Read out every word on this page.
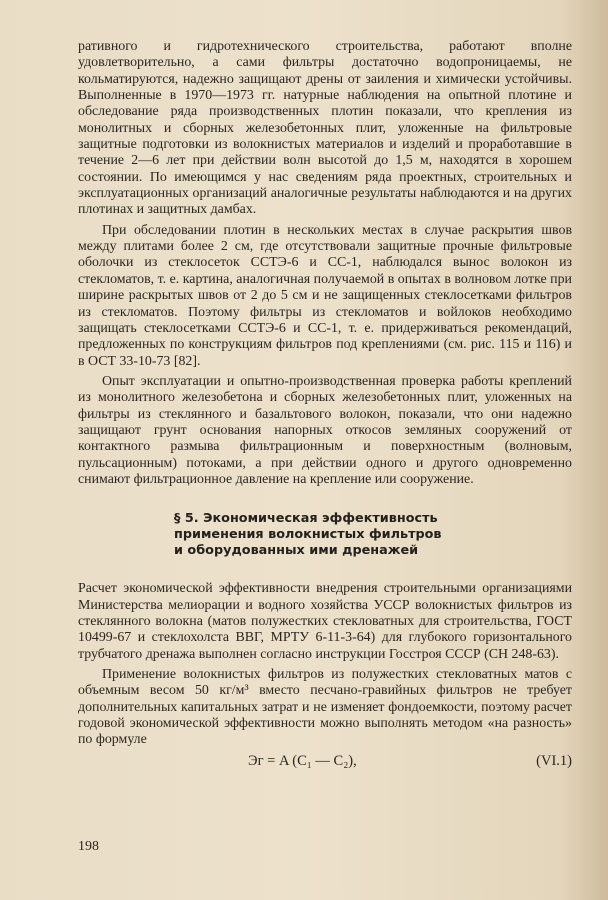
ративного и гидротехнического строительства, работают вполне удовлетворительно, а сами фильтры достаточно водопроницаемы, не кольматируются, надежно защищают дрены от заиления и химически устойчивы. Выполненные в 1970—1973 гг. натурные наблюдения на опытной плотине и обследование ряда производственных плотин показали, что крепления из монолитных и сборных железобетонных плит, уложенные на фильтровые защитные подготовки из волокнистых материалов и изделий и проработавшие в течение 2—6 лет при действии волн высотой до 1,5 м, находятся в хорошем состоянии. По имеющимся у нас сведениям ряда проектных, строительных и эксплуатационных организаций аналогичные результаты наблюдаются и на других плотинах и защитных дамбах.

При обследовании плотин в нескольких местах в случае раскрытия швов между плитами более 2 см, где отсутствовали защитные прочные фильтровые оболочки из стеклосеток ССТЭ-6 и СС-1, наблюдался вынос волокон из стекломатов, т. е. картина, аналогичная получаемой в опытах в волновом лотке при ширине раскрытых швов от 2 до 5 см и не защищенных стеклосетками фильтров из стекломатов. Поэтому фильтры из стекломатов и войлоков необходимо защищать стеклосетками ССТЭ-6 и СС-1, т. е. придерживаться рекомендаций, предложенных по конструкциям фильтров под креплениями (см. рис. 115 и 116) и в ОСТ 33-10-73 [82].

Опыт эксплуатации и опытно-производственная проверка работы креплений из монолитного железобетона и сборных железобетонных плит, уложенных на фильтры из стеклянного и базальтового волокон, показали, что они надежно защищают грунт основания напорных откосов земляных сооружений от контактного размыва фильтрационным и поверхностным (волновым, пульсационным) потоками, а при действии одного и другого одновременно снимают фильтрационное давление на крепление или сооружение.

§ 5. Экономическая эффективность
применения волокнистых фильтров
и оборудованных ими дренажей

Расчет экономической эффективности внедрения строительными организациями Министерства мелиорации и водного хозяйства УССР волокнистых фильтров из стеклянного волокна (матов полужестких стекловатных для строительства, ГОСТ 10499-67 и стеклохолста ВВГ, МРТУ 6-11-3-64) для глубокого горизонтального трубчатого дренажа выполнен согласно инструкции Госстроя СССР (СН 248-63).

Применение волокнистых фильтров из полужестких стекловатных матов с объемным весом 50 кг/м³ вместо песчано-гравийных фильтров не требует дополнительных капитальных затрат и не изменяет фондоемкости, поэтому расчет годовой экономической эффективности можно выполнять методом «на разность» по формуле

Эг = A (C₁ — C₂),	(VI.1)
198
